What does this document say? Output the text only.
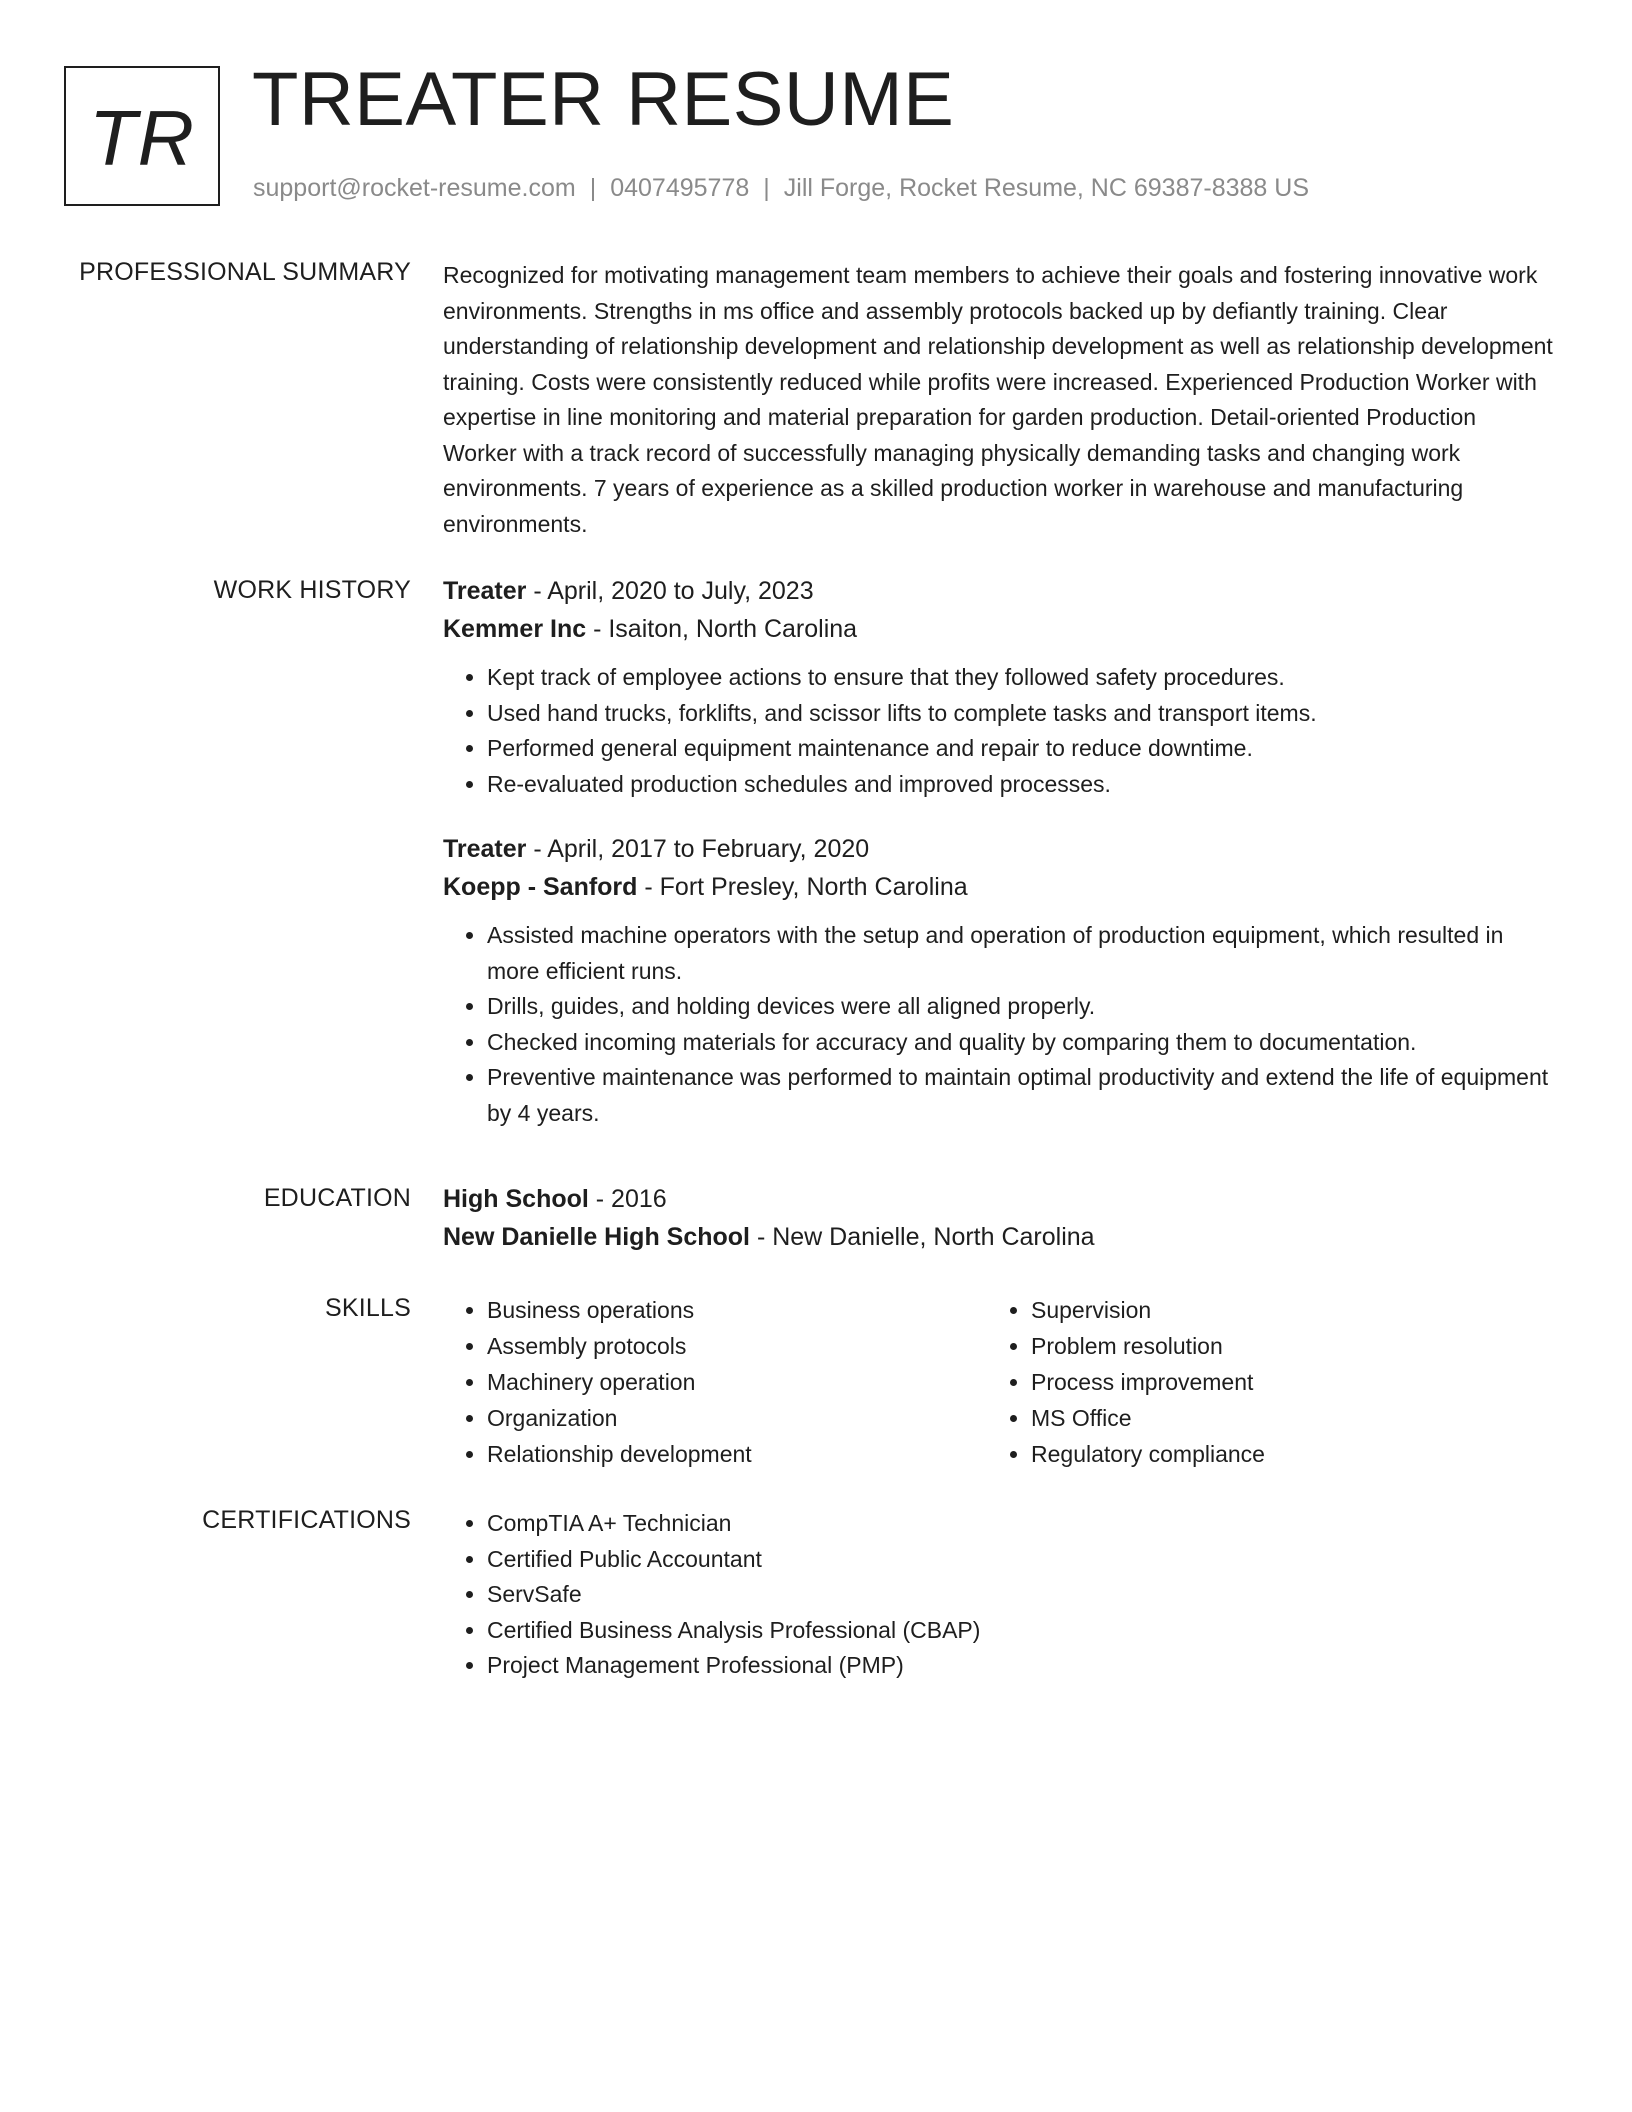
TR TREATER RESUME
support@rocket-resume.com | 0407495778 | Jill Forge, Rocket Resume, NC 69387-8388 US
PROFESSIONAL SUMMARY Recognized for motivating management team members to achieve their goals and fostering innovative work environments. Strengths in ms office and assembly protocols backed up by defiantly training. Clear understanding of relationship development and relationship development as well as relationship development training. Costs were consistently reduced while profits were increased. Experienced Production Worker with expertise in line monitoring and material preparation for garden production. Detail-oriented Production Worker with a track record of successfully managing physically demanding tasks and changing work environments. 7 years of experience as a skilled production worker in warehouse and manufacturing environments.

WORK HISTORY Treater - April, 2020 to July, 2023
Kemmer Inc - Isaiton, North Carolina
• Kept track of employee actions to ensure that they followed safety procedures.
• Used hand trucks, forklifts, and scissor lifts to complete tasks and transport items.
• Performed general equipment maintenance and repair to reduce downtime.
• Re-evaluated production schedules and improved processes.
Treater - April, 2017 to February, 2020
Koepp - Sanford - Fort Presley, North Carolina
• Assisted machine operators with the setup and operation of production equipment, which resulted in more efficient runs.
• Drills, guides, and holding devices were all aligned properly.
• Checked incoming materials for accuracy and quality by comparing them to documentation.
• Preventive maintenance was performed to maintain optimal productivity and extend the life of equipment by 4 years.
EDUCATION High School - 2016
New Danielle High School - New Danielle, North Carolina
SKILLS	• Business operations
• Assembly protocols
• Machinery operation
• Organization
• Relationship development
• Supervision
• Problem resolution
• Process improvement
• MS Office
• Regulatory compliance
CERTIFICATIONS	• CompTIA A+ Technician
• Certified Public Accountant
• ServSafe
• Certified Business Analysis Professional (CBAP)
• Project Management Professional (PMP)
